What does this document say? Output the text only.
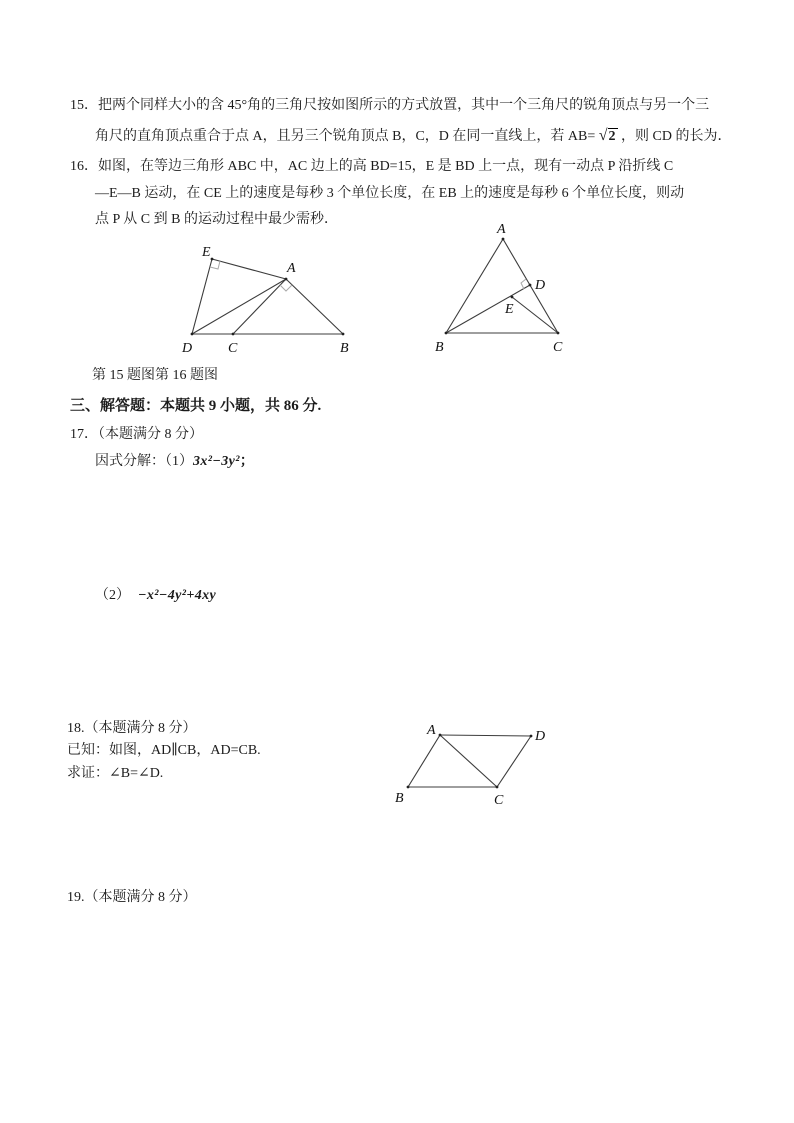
15．把两个同样大小的含 45°角的三角尺按如图所示的方式放置，其中一个三角尺的锐角顶点与另一个三
角尺的直角顶点重合于点 A，且另三个锐角顶点 B，C，D 在同一直线上，若 AB= √2 ，则 CD 的长为．
16．如图，在等边三角形 ABC 中，AC 边上的高 BD=15，E 是 BD 上一点，现有一动点 P 沿折线 C
—E—B 运动，在 CE 上的速度是每秒 3 个单位长度，在 EB 上的速度是每秒 6 个单位长度，则动
点 P 从 C 到 B 的运动过程中最少需秒．
E
A
D	C	B
A
B	C
D
E
第 15 题图第 16 题图
三、解答题：本题共 9 小题，共 86 分.
17．（本题满分 8 分）
因式分解：（1）3x²−3y²；
（2） −x²−4y²+4xy
18.（本题满分 8 分）
已知：如图，AD∥CB，AD=CB.
求证：∠B=∠D.
A	D
B	C
19.（本题满分 8 分）
